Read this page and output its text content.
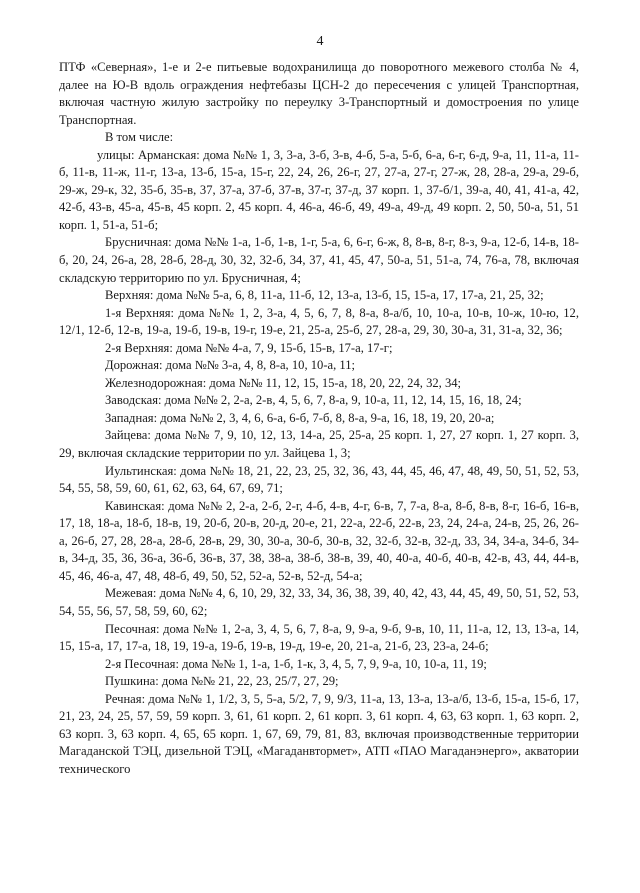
4

ПТФ «Северная», 1-е и 2-е питьевые водохранилища до поворотного межевого столба № 4, далее на Ю-В вдоль ограждения нефтебазы ЦСН-2 до пересечения с улицей Транспортная, включая частную жилую застройку по переулку 3-Транспортный и домостроения по улице Транспортная.

В том числе:

улицы: Арманская: дома №№ 1, 3, 3-а, 3-б, 3-в, 4-б, 5-а, 5-б, 6-а, 6-г, 6-д, 9-а, 11, 11-а, 11-б, 11-в, 11-ж, 11-г, 13-а, 13-б, 15-а, 15-г, 22, 24, 26, 26-г, 27, 27-а, 27-г, 27-ж, 28, 28-а, 29-а, 29-б, 29-ж, 29-к, 32, 35-б, 35-в, 37, 37-а, 37-б, 37-в, 37-г, 37-д, 37 корп. 1, 37-б/1, 39-а, 40, 41, 41-а, 42, 42-б, 43-в, 45-а, 45-в, 45 корп. 2, 45 корп. 4, 46-а, 46-б, 49, 49-а, 49-д, 49 корп. 2, 50, 50-а, 51, 51 корп. 1, 51-а, 51-б;

Брусничная: дома №№ 1-а, 1-б, 1-в, 1-г, 5-а, 6, 6-г, 6-ж, 8, 8-в, 8-г, 8-з, 9-а, 12-б, 14-в, 18-б, 20, 24, 26-а, 28, 28-б, 28-д, 30, 32, 32-б, 34, 37, 41, 45, 47, 50-а, 51, 51-а, 74, 76-а, 78, включая складскую территорию по ул. Брусничная, 4;

Верхняя: дома №№ 5-а, 6, 8, 11-а, 11-б, 12, 13-а, 13-б, 15, 15-а, 17, 17-а, 21, 25, 32;

1-я Верхняя: дома №№ 1, 2, 3-а, 4, 5, 6, 7, 8, 8-а, 8-а/б, 10, 10-а, 10-в, 10-ж, 10-ю, 12, 12/1, 12-б, 12-в, 19-а, 19-б, 19-в, 19-г, 19-е, 21, 25-а, 25-б, 27, 28-а, 29, 30, 30-а, 31, 31-а, 32, 36;

2-я Верхняя: дома №№ 4-а, 7, 9, 15-б, 15-в, 17-а, 17-г;

Дорожная: дома №№ 3-а, 4, 8, 8-а, 10, 10-а, 11;

Железнодорожная: дома №№ 11, 12, 15, 15-а, 18, 20, 22, 24, 32, 34;

Заводская: дома №№ 2, 2-а, 2-в, 4, 5, 6, 7, 8-а, 9, 10-а, 11, 12, 14, 15, 16, 18, 24;

Западная: дома №№ 2, 3, 4, 6, 6-а, 6-б, 7-б, 8, 8-а, 9-а, 16, 18, 19, 20, 20-а;

Зайцева: дома №№ 7, 9, 10, 12, 13, 14-а, 25, 25-а, 25 корп. 1, 27, 27 корп. 1, 27 корп. 3, 29, включая складские территории по ул. Зайцева 1, 3;

Иультинская: дома №№ 18, 21, 22, 23, 25, 32, 36, 43, 44, 45, 46, 47, 48, 49, 50, 51, 52, 53, 54, 55, 58, 59, 60, 61, 62, 63, 64, 67, 69, 71;

Кавинская: дома №№ 2, 2-а, 2-б, 2-г, 4-б, 4-в, 4-г, 6-в, 7, 7-а, 8-а, 8-б, 8-в, 8-г, 16-б, 16-в, 17, 18, 18-а, 18-б, 18-в, 19, 20-б, 20-в, 20-д, 20-е, 21, 22-а, 22-б, 22-в, 23, 24, 24-а, 24-в, 25, 26, 26-а, 26-б, 27, 28, 28-а, 28-б, 28-в, 29, 30, 30-а, 30-б, 30-в, 32, 32-б, 32-в, 32-д, 33, 34, 34-а, 34-б, 34-в, 34-д, 35, 36, 36-а, 36-б, 36-в, 37, 38, 38-а, 38-б, 38-в, 39, 40, 40-а, 40-б, 40-в, 42-в, 43, 44, 44-в, 45, 46, 46-а, 47, 48, 48-б, 49, 50, 52, 52-а, 52-в, 52-д, 54-а;

Межевая: дома №№ 4, 6, 10, 29, 32, 33, 34, 36, 38, 39, 40, 42, 43, 44, 45, 49, 50, 51, 52, 53, 54, 55, 56, 57, 58, 59, 60, 62;

Песочная: дома №№ 1, 2-а, 3, 4, 5, 6, 7, 8-а, 9, 9-а, 9-б, 9-в, 10, 11, 11-а, 12, 13, 13-а, 14, 15, 15-а, 17, 17-а, 18, 19, 19-а, 19-б, 19-в, 19-д, 19-е, 20, 21-а, 21-б, 23, 23-а, 24-б;

2-я Песочная: дома №№ 1, 1-а, 1-б, 1-к, 3, 4, 5, 7, 9, 9-а, 10, 10-а, 11, 19;

Пушкина: дома №№ 21, 22, 23, 25/7, 27, 29;

Речная: дома №№ 1, 1/2, 3, 5, 5-а, 5/2, 7, 9, 9/3, 11-а, 13, 13-а, 13-а/б, 13-б, 15-а, 15-б, 17, 21, 23, 24, 25, 57, 59, 59 корп. 3, 61, 61 корп. 2, 61 корп. 3, 61 корп. 4, 63, 63 корп. 1, 63 корп. 2, 63 корп. 3, 63 корп. 4, 65, 65 корп. 1, 67, 69, 79, 81, 83, включая производственные территории Магаданской ТЭЦ, дизельной ТЭЦ, «Магаданвтормет», АТП «ПАО Магаданэнерго», акватории технического
